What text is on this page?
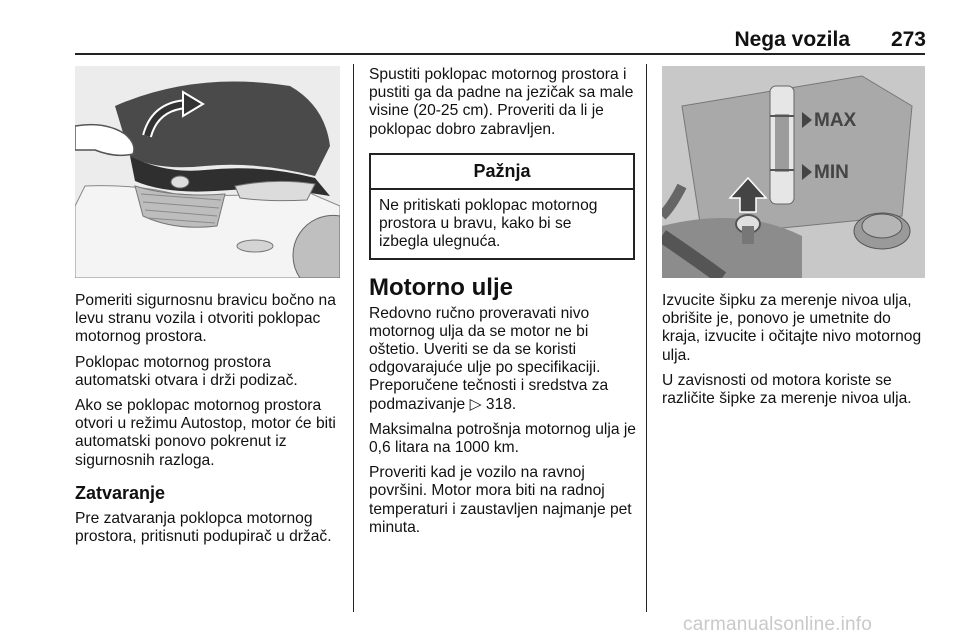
Nega vozila	273
MAX
MIN

Pomeriti sigurnosnu bravicu bočno na levu stranu vozila i otvoriti poklopac motornog prostora.

Poklopac motornog prostora automatski otvara i drži podizač.

Ako se poklopac motornog prostora otvori u režimu Autostop, motor će biti automatski ponovo pokrenut iz sigurnosnih razloga.

Zatvaranje

Pre zatvaranja poklopca motornog prostora, pritisnuti podupirač u držač.

Spustiti poklopac motornog prostora i pustiti ga da padne na jezičak sa male visine (20-25 cm). Proveriti da li je poklopac dobro zabravljen.

Pažnja
Ne pritiskati poklopac motornog prostora u bravu, kako bi se izbegla ulegnuća.
Motorno ulje

Redovno ručno proveravati nivo motornog ulja da se motor ne bi oštetio. Uveriti se da se koristi odgovarajuće ulje po specifikaciji. Preporučene tečnosti i sredstva za podmazivanje ▷ 318.

Maksimalna potrošnja motornog ulja je 0,6 litara na 1000 km.

Proveriti kad je vozilo na ravnoj površini. Motor mora biti na radnoj temperaturi i zaustavljen najmanje pet minuta.

Izvucite šipku za merenje nivoa ulja, obrišite je, ponovo je umetnite do kraja, izvucite i očitajte nivo motornog ulja.

U zavisnosti od motora koriste se različite šipke za merenje nivoa ulja.

carmanualsonline.info
